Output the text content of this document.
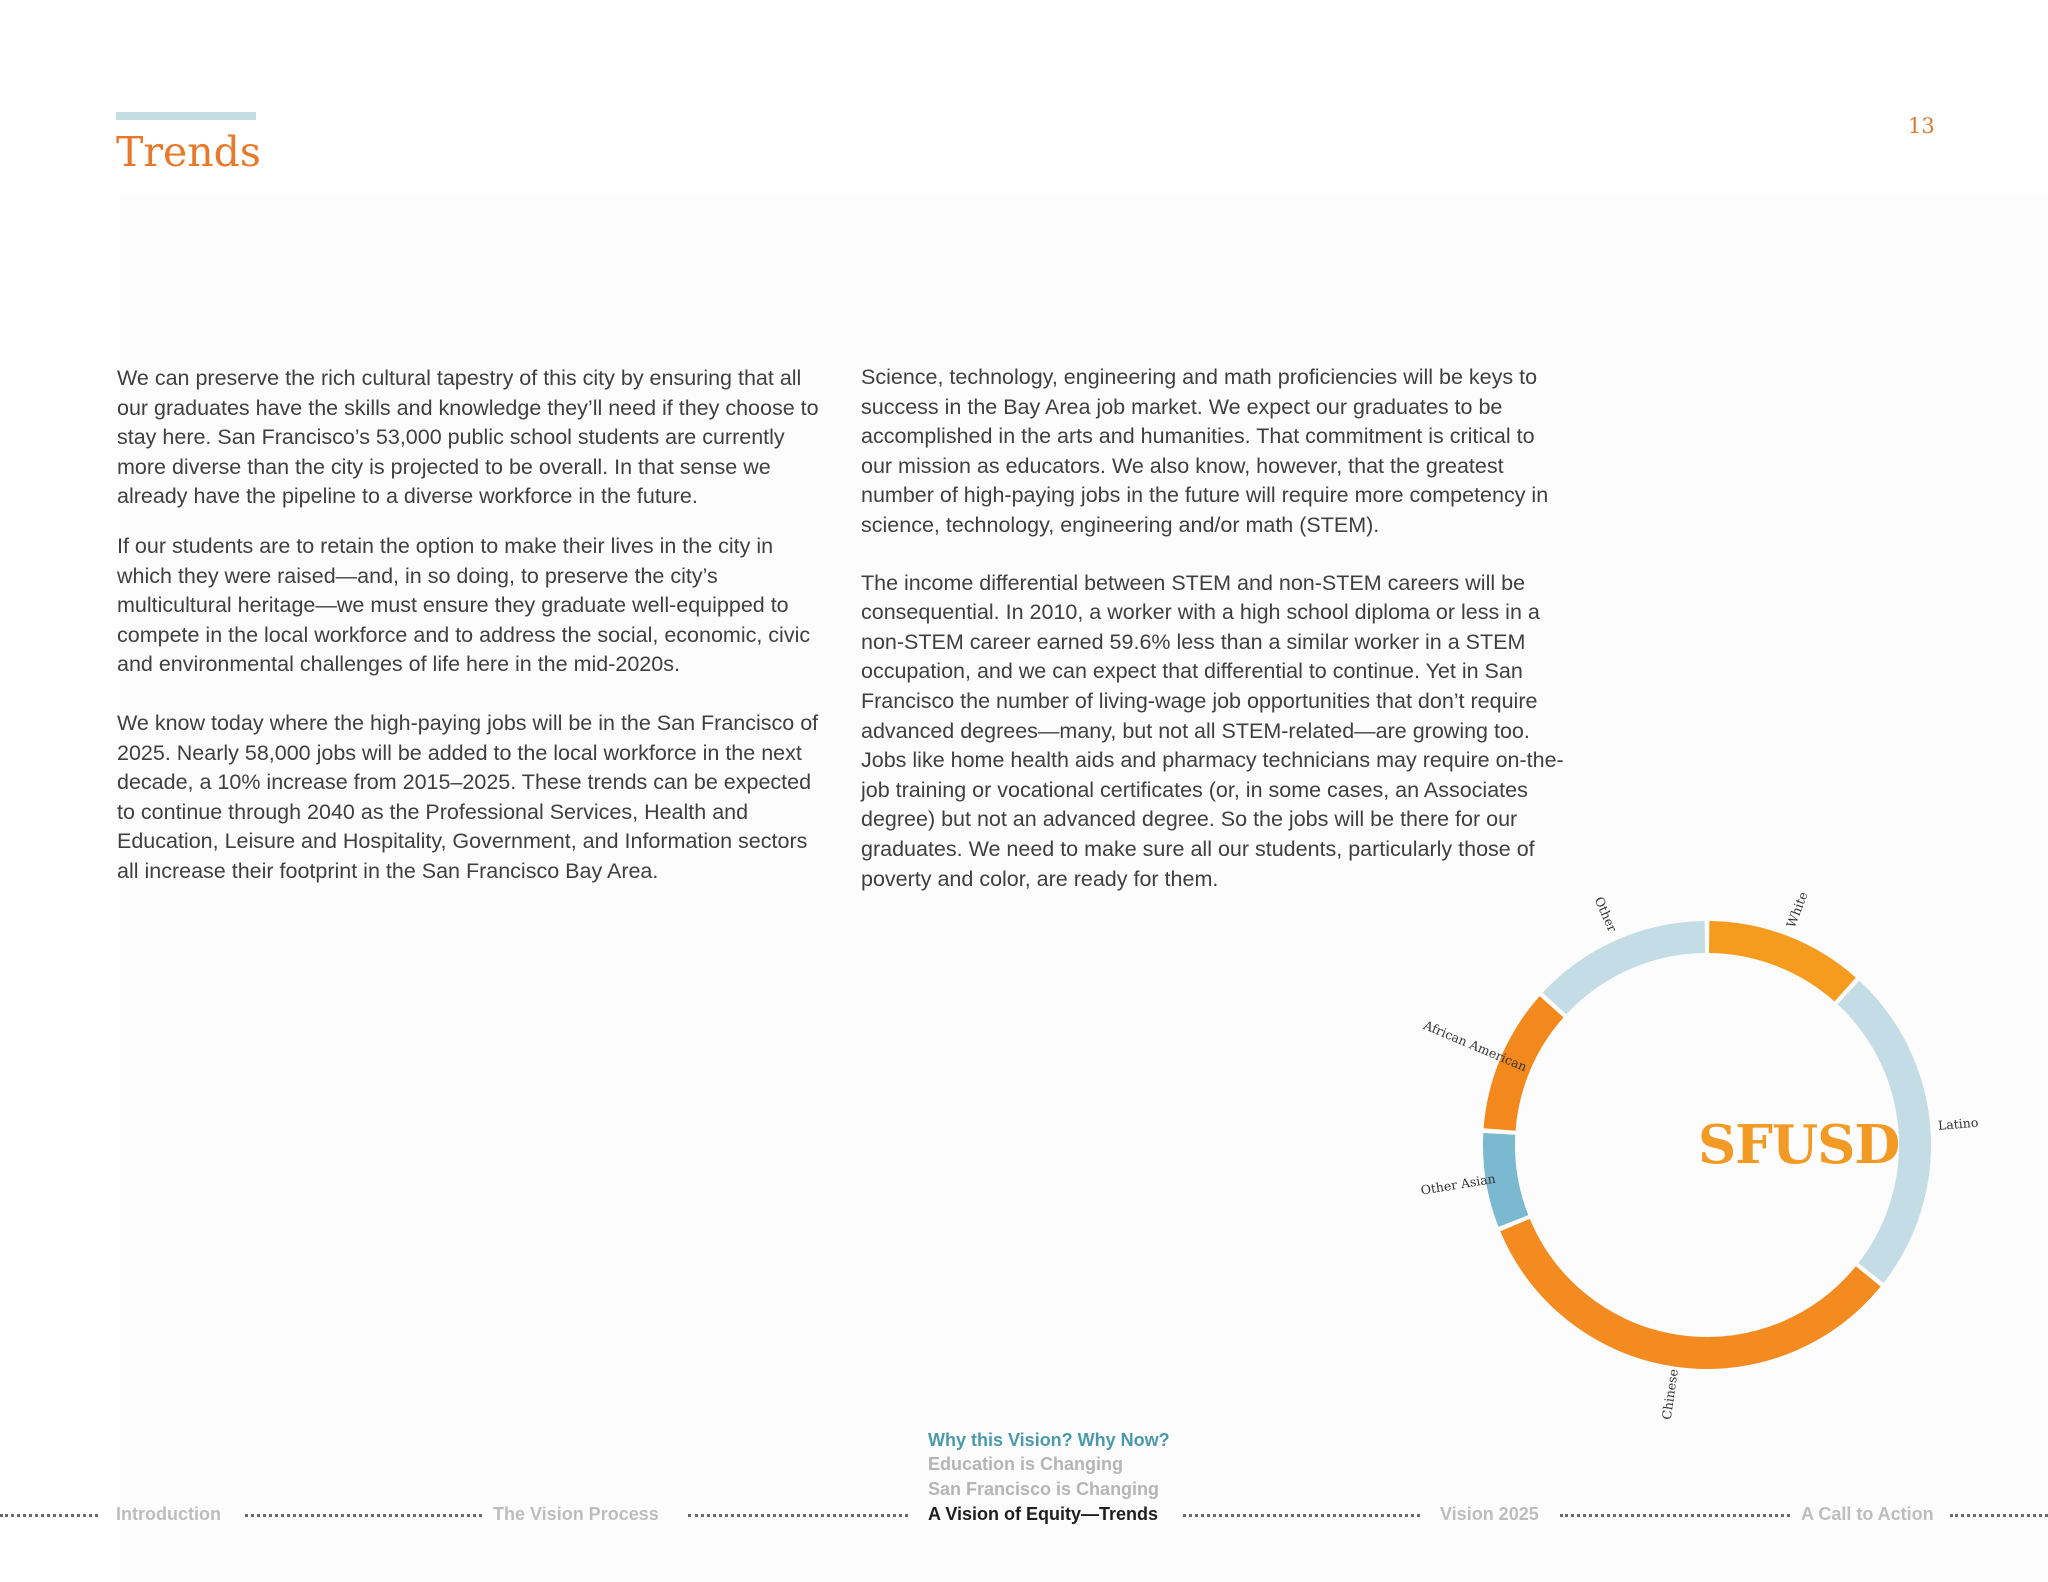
Trends
13

We can preserve the rich cultural tapestry of this city by ensuring that all our graduates have the skills and knowledge they’ll need if they choose to stay here. San Francisco’s 53,000 public school students are currently more diverse than the city is projected to be overall. In that sense we already have the pipeline to a diverse workforce in the future.

If our students are to retain the option to make their lives in the city in which they were raised—and, in so doing, to preserve the city’s multicultural heritage—we must ensure they graduate well-equipped to compete in the local workforce and to address the social, economic, civic and environmental challenges of life here in the mid-2020s.

We know today where the high-paying jobs will be in the San Francisco of 2025. Nearly 58,000 jobs will be added to the local workforce in the next decade, a 10% increase from 2015–2025. These trends can be expected to continue through 2040 as the Professional Services, Health and Education, Leisure and Hospitality, Government, and Information sectors all increase their footprint in the San Francisco Bay Area.

Science, technology, engineering and math proficiencies will be keys to success in the Bay Area job market. We expect our graduates to be accomplished in the arts and humanities. That commitment is critical to our mission as educators. We also know, however, that the greatest number of high-paying jobs in the future will require more competency in science, technology, engineering and/or math (STEM).

The income differential between STEM and non-STEM careers will be consequential. In 2010, a worker with a high school diploma or less in a non-STEM career earned 59.6% less than a similar worker in a STEM occupation, and we can expect that differential to continue. Yet in San Francisco the number of living-wage job opportunities that don’t require advanced degrees—many, but not all STEM-related—are growing too. Jobs like home health aids and pharmacy technicians may require on-the-job training or vocational certificates (or, in some cases, an Associates degree) but not an advanced degree. So the jobs will be there for our graduates. We need to make sure all our students, particularly those of poverty and color, are ready for them.

White
Latino
Chinese
Other Asian
African American
Other
SFUSD
Introduction	The Vision Process	A Vision of Equity—Trends	Vision 2025	A Call to Action
Why this Vision? Why Now?
Education is Changing
San Francisco is Changing
